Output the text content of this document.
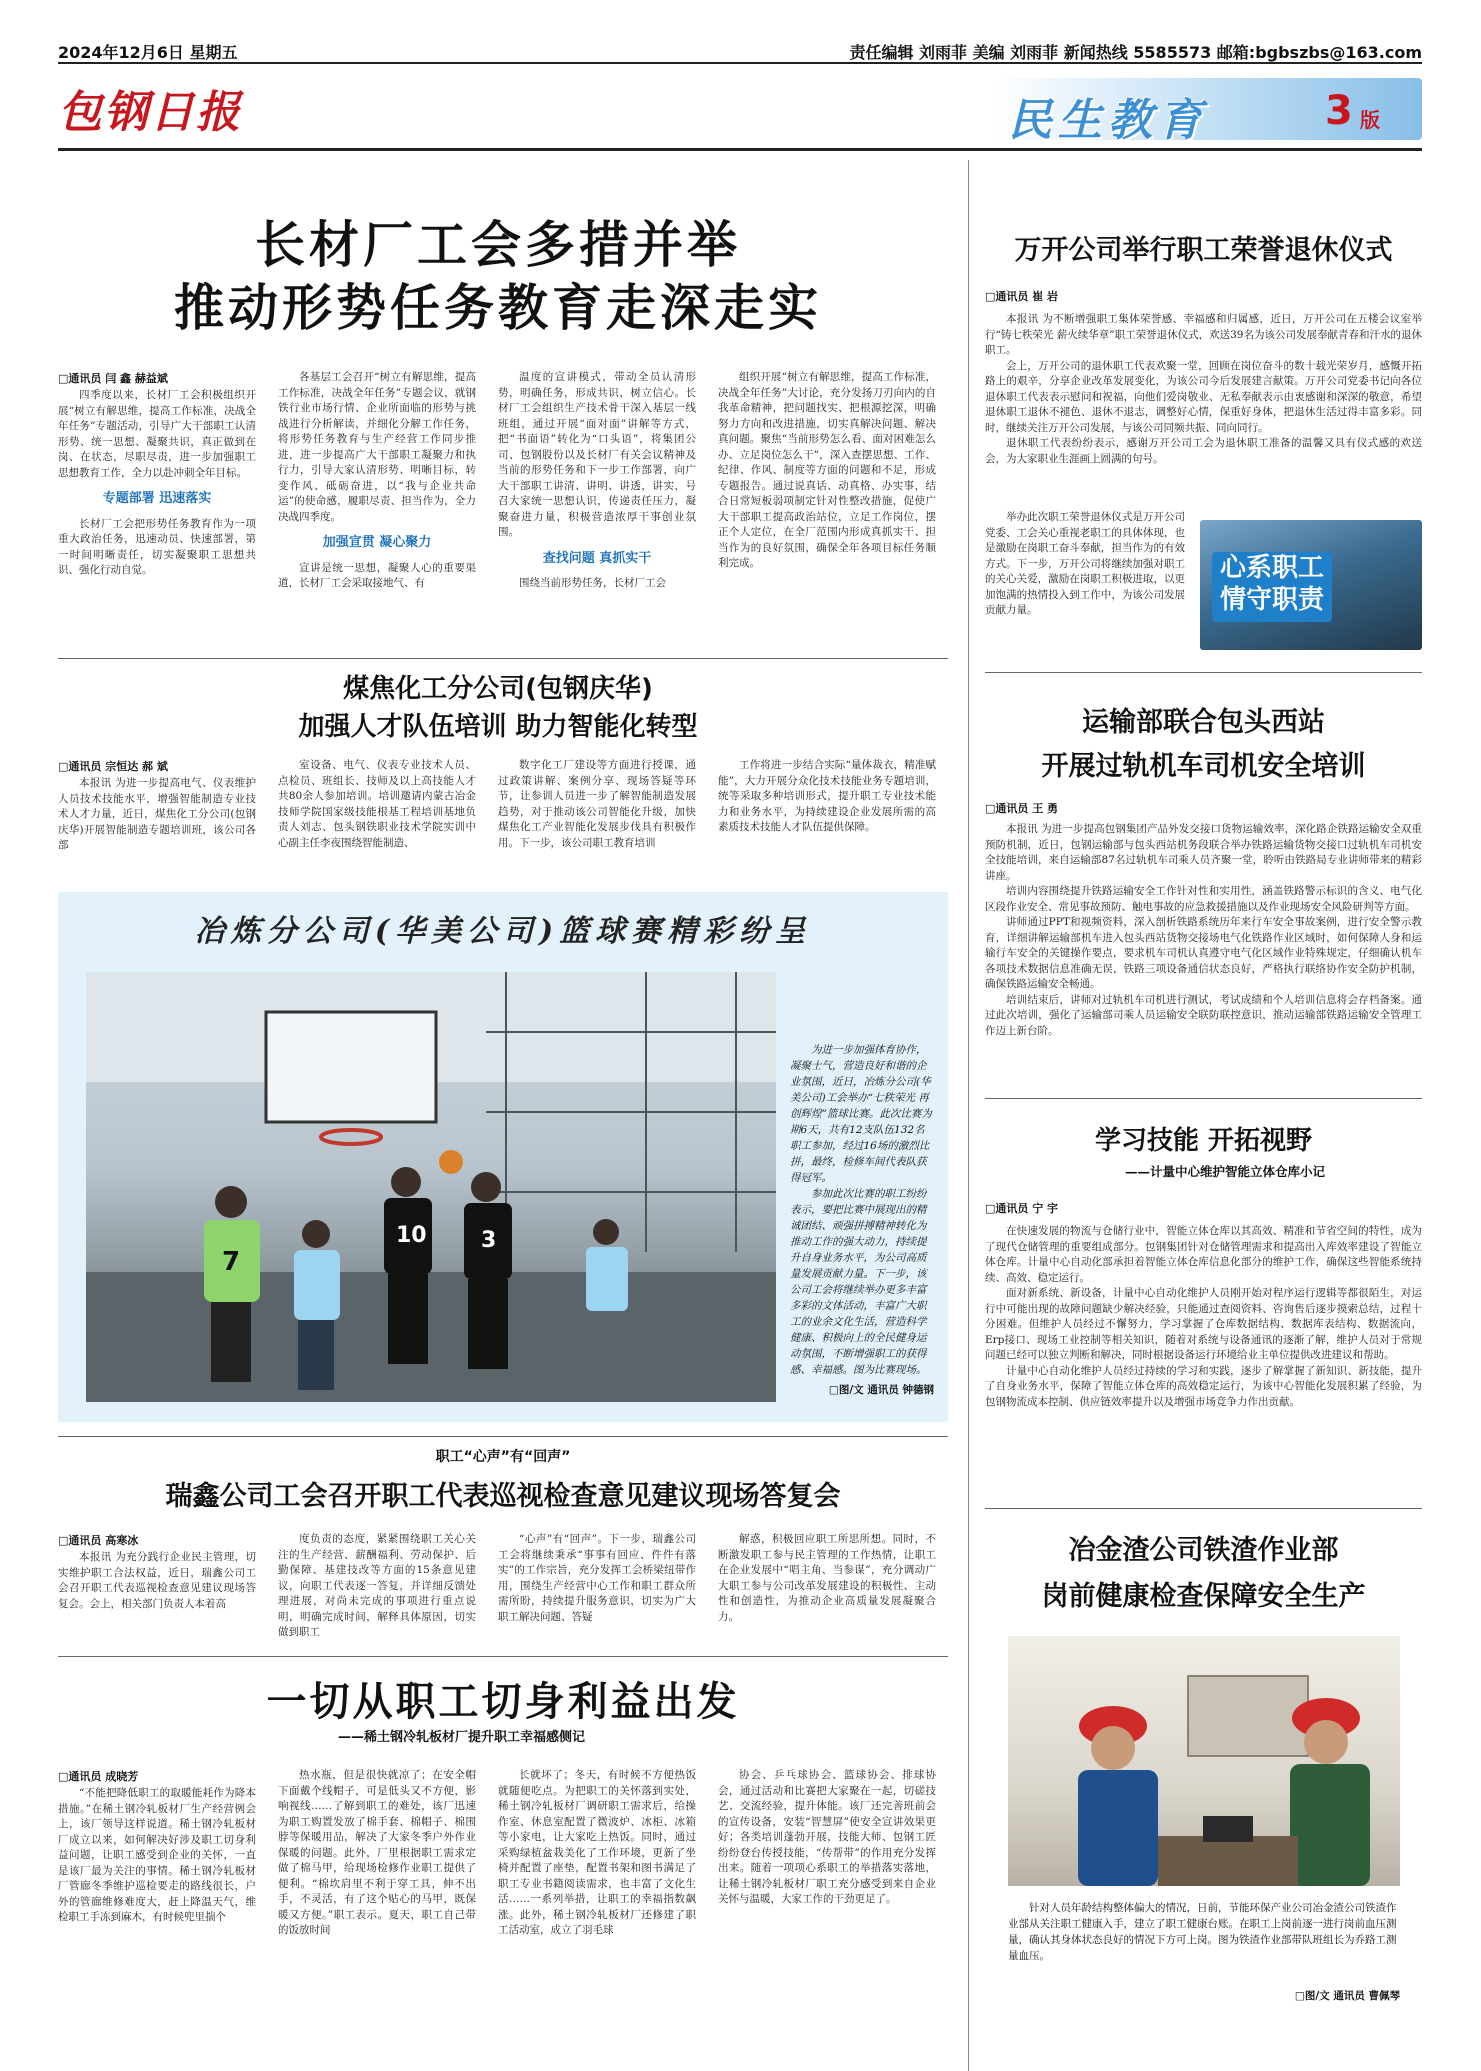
2024年12月6日 星期五	责任编辑 刘雨菲 美编 刘雨菲 新闻热线 5585573 邮箱:bgbszbs@163.com
包钢日报	民生教育	3 版
长材厂工会多措并举
推动形势任务教育走深走实
□通讯员 闫 鑫 赫益斌

四季度以来，长材厂工会积极组织开展“树立有解思维，提高工作标准，决战全年任务”专题活动，引导广大干部职工认清形势、统一思想、凝聚共识，真正做到在岗、在状态，尽职尽责，进一步加强职工思想教育工作，全力以赴冲刺全年目标。

专题部署 迅速落实

长材厂工会把形势任务教育作为一项重大政治任务，迅速动员、快速部署，第一时间明晰责任，切实凝聚职工思想共识、强化行动自觉。

各基层工会召开“树立有解思维，提高工作标准，决战全年任务”专题会议，就钢铁行业市场行情、企业所面临的形势与挑战进行分析解读，并细化分解工作任务，将形势任务教育与生产经营工作同步推进，进一步提高广大干部职工凝聚力和执行力，引导大家认清形势、明晰目标，转变作风、砥砺奋进，以“我与企业共命运”的使命感，履职尽责、担当作为，全力决战四季度。

加强宣贯 凝心聚力

宣讲是统一思想，凝聚人心的重要渠道，长材厂工会采取接地气、有

温度的宣讲模式，带动全员认清形势，明确任务，形成共识，树立信心。长材厂工会组织生产技术骨干深入基层一线班组，通过开展“面对面”讲解等方式，把“书面语”转化为“口头语”，将集团公司、包钢股份以及长材厂有关会议精神及当前的形势任务和下一步工作部署，向广大干部职工讲清、讲明、讲透，讲实，号召大家统一思想认识，传递责任压力，凝聚奋进力量，积极营造浓厚干事创业氛围。

查找问题 真抓实干

围绕当前形势任务，长材厂工会

组织开展“树立有解思维，提高工作标准，决战全年任务”大讨论，充分发扬刀刃向内的自我革命精神，把问题找实、把根源挖深，明确努力方向和改进措施，切实真解决问题、解决真问题。聚焦“当前形势怎么看、面对困难怎么办、立足岗位怎么干”，深入查摆思想、工作、纪律、作风、制度等方面的问题和不足，形成专题报告。通过说真话、动真格、办实事，结合日常短板弱项制定针对性整改措施，促使广大干部职工提高政治站位，立足工作岗位，摆正个人定位，在全厂范围内形成真抓实干、担当作为的良好氛围，确保全年各项目标任务顺利完成。

万开公司举行职工荣誉退休仪式
□通讯员 崔 岩

本报讯 为不断增强职工集体荣誉感、幸福感和归属感，近日，万开公司在五楼会议室举行“铸七秩荣光 薪火续华章”职工荣誉退休仪式，欢送39名为该公司发展奉献青春和汗水的退休职工。

会上，万开公司的退休职工代表欢聚一堂，回顾在岗位奋斗的数十载光荣岁月，感慨开拓路上的艰辛，分享企业改革发展变化，为该公司今后发展建言献策。万开公司党委书记向各位退休职工代表表示慰问和祝福，向他们爱岗敬业、无私奉献表示由衷感谢和深深的敬意，希望退休职工退休不褪色、退休不退志，调整好心情，保重好身体，把退休生活过得丰富多彩。同时，继续关注万开公司发展，与该公司同频共振、同向同行。

退休职工代表纷纷表示，感谢万开公司工会为退休职工准备的温馨又具有仪式感的欢送会，为大家职业生涯画上圆满的句号。

举办此次职工荣誉退休仪式是万开公司党委、工会关心重视老职工的具体体现，也是激励在岗职工奋斗奉献，担当作为的有效方式。下一步，万开公司将继续加强对职工的关心关爱，激励在岗职工积极进取，以更加饱满的热情投入到工作中，为该公司发展贡献力量。

心系职工
情守职责
煤焦化工分公司(包钢庆华)
加强人才队伍培训 助力智能化转型
□通讯员 宗恒达 郝 斌

本报讯 为进一步提高电气、仪表维护人员技术技能水平，增强智能制造专业技术人才力量，近日，煤焦化工分公司(包钢庆华)开展智能制造专题培训班，该公司各部

室设备、电气、仪表专业技术人员、点检员、班组长、技师及以上高技能人才共80余人参加培训。培训邀请内蒙古冶金技师学院国家级技能根基工程培训基地负责人刘志、包头钢铁职业技术学院实训中心副主任李夜围绕智能制造、

数字化工厂建设等方面进行授课，通过政策讲解、案例分享、现场答疑等环节，让参训人员进一步了解智能制造发展趋势，对于推动该公司智能化升级，加快煤焦化工产业智能化发展步伐具有积极作用。下一步，该公司职工教育培训

工作将进一步结合实际“量体裁衣，精准赋能”，大力开展分众化技术技能业务专题培训，统等采取多种培训形式，提升职工专业技术能力和业务水平，为持续建设企业发展所需的高素质技术技能人才队伍提供保障。

冶炼分公司(华美公司)篮球赛精彩纷呈
7
10 3

为进一步加强体育协作，凝聚士气，营造良好和谐的企业氛围，近日，冶炼分公司(华美公司)工会举办“七秩荣光 再创辉煌”篮球比赛。此次比赛为期6天，共有12支队伍132名职工参加，经过16场的激烈比拼，最终，检修车间代表队获得冠军。

参加此次比赛的职工纷纷表示，要把比赛中展现出的精诚团结、顽强拼搏精神转化为推动工作的强大动力，持续提升自身业务水平，为公司高质量发展贡献力量。下一步，该公司工会将继续举办更多丰富多彩的文体活动，丰富广大职工的业余文化生活，营造科学健康、积极向上的全民健身运动氛围，不断增强职工的获得感、幸福感。图为比赛现场。

□图/文 通讯员 钟德钢
运输部联合包头西站
开展过轨机车司机安全培训
□通讯员 王 勇

本报讯 为进一步提高包钢集团产品外发交接口货物运输效率，深化路企铁路运输安全双重预防机制，近日，包钢运输部与包头西站机务段联合举办铁路运输货物交接口过轨机车司机安全技能培训，来自运输部87名过轨机车司乘人员齐聚一堂，聆听由铁路局专业讲师带来的精彩讲座。

培训内容围绕提升铁路运输安全工作针对性和实用性，涵盖铁路警示标识的含义、电气化区段作业安全、常见事故预防、触电事故的应急救援措施以及作业现场安全风险研判等方面。

讲师通过PPT和视频资料，深入剖析铁路系统历年来行车安全事故案例，进行安全警示教育，详细讲解运输部机车进入包头西站货物交接场电气化铁路作业区域时，如何保障人身和运输行车安全的关键操作要点，要求机车司机认真遵守电气化区域作业特殊规定，仔细确认机车各项技术数据信息准确无误，铁路三项设备通信状态良好，严格执行联络协作安全防护机制，确保铁路运输安全畅通。

培训结束后，讲师对过轨机车司机进行测试，考试成绩和个人培训信息将会存档备案。通过此次培训，强化了运输部司乘人员运输安全联防联控意识，推动运输部铁路运输安全管理工作迈上新台阶。

学习技能 开拓视野
——计量中心维护智能立体仓库小记
□通讯员 宁 宇

在快速发展的物流与仓储行业中，智能立体仓库以其高效、精准和节省空间的特性，成为了现代仓储管理的重要组成部分。包钢集团针对仓储管理需求和提高出入库效率建设了智能立体仓库。计量中心自动化部承担着智能立体仓库信息化部分的维护工作，确保这些智能系统持续、高效、稳定运行。

面对新系统、新设备，计量中心自动化维护人员刚开始对程序运行逻辑等都很陌生，对运行中可能出现的故障问题缺少解决经验，只能通过查阅资料、咨询售后逐步摸索总结，过程十分困难。但维护人员经过不懈努力，学习掌握了仓库数据结构、数据库表结构、数据流向，Erp接口、现场工业控制等相关知识，随着对系统与设备通讯的逐渐了解，维护人员对于常规问题已经可以独立判断和解决，同时根据设备运行环境给业主单位提供改进建议和帮助。

计量中心自动化维护人员经过持续的学习和实践，逐步了解掌握了新知识、新技能，提升了自身业务水平，保障了智能立体仓库的高效稳定运行，为该中心智能化发展积累了经验，为包钢物流成本控制、供应链效率提升以及增强市场竞争力作出贡献。

职工“心声”有“回声”
瑞鑫公司工会召开职工代表巡视检查意见建议现场答复会
□通讯员 高寒冰

本报讯 为充分践行企业民主管理，切实维护职工合法权益，近日，瑞鑫公司工会召开职工代表巡视检查意见建议现场答复会。会上，相关部门负责人本着高

度负责的态度，紧紧围绕职工关心关注的生产经营、薪酬福利、劳动保护、后勤保障、基建技改等方面的15条意见建议，向职工代表逐一答复，并详细反馈处理进展，对尚未完成的事项进行重点说明，明确完成时间，解释具体原因，切实做到职工

“心声”有“回声”。下一步，瑞鑫公司工会将继续秉承“事事有回应、件件有落实”的工作宗旨，充分发挥工会桥梁纽带作用，围绕生产经营中心工作和职工群众所需所盼，持续提升服务意识，切实为广大职工解决问题、答疑

解惑，积极回应职工所思所想。同时，不断激发职工参与民主管理的工作热情，让职工在企业发展中“唱主角、当参谋”，充分调动广大职工参与公司改革发展建设的积极性、主动性和创造性，为推动企业高质量发展凝聚合力。

一切从职工切身利益出发
——稀土钢冷轧板材厂提升职工幸福感侧记
□通讯员 成晓芳

“不能把降低职工的取暖能耗作为降本措施。”在稀土钢冷轧板材厂生产经营例会上，该厂领导这样说道。稀土钢冷轧板材厂成立以来，如何解决好涉及职工切身利益问题，让职工感受到企业的关怀，一直是该厂最为关注的事情。稀土钢冷轧板材厂管廊冬季维护巡检要走的路线很长，户外的管廊维修难度大，赶上降温天气，维检职工手冻到麻木，有时候兜里揣个

热水瓶，但是很快就凉了；在安全帽下面戴个线帽子，可是低头又不方便，影响视线……了解到职工的难处，该厂迅速为职工购置发放了棉手套、棉帽子、棉围脖等保暖用品，解决了大家冬季户外作业保暖的问题。此外，厂里根据职工需求定做了棉马甲，给现场检修作业职工提供了便利。“棉坎肩里不利于穿工具，伸不出手，不灵活，有了这个贴心的马甲，既保暖又方便。”职工表示。夏天，职工自己带的饭放时间

长就坏了；冬天，有时候不方便热饭就随便吃点。为把职工的关怀落到实处，稀土钢冷轧板材厂调研职工需求后，给操作室、休息室配置了微波炉、冰柜、冰箱等小家电，让大家吃上热饭。同时，通过采购绿植盆栽美化了工作环境，更新了坐椅并配置了座垫，配置书架和图书满足了职工专业书籍阅读需求，也丰富了文化生活……一系列举措，让职工的幸福指数飙涨。此外，稀土钢冷轧板材厂还修建了职工活动室，成立了羽毛球

协会、乒乓球协会、篮球协会、排球协会，通过活动和比赛把大家聚在一起，切磋技艺、交流经验，提升体能。该厂还完善班前会的宣传设备，安装“智慧屏”使安全宣讲效果更好；各类培训蓬勃开展，技能大师、包钢工匠纷纷登台传授技能，“传帮带”的作用充分发挥出来。随着一项项心系职工的举措落实落地，让稀土钢冷轧板材厂职工充分感受到来自企业关怀与温暖，大家工作的干劲更足了。

冶金渣公司铁渣作业部
岗前健康检查保障安全生产

针对人员年龄结构整体偏大的情况，日前，节能环保产业公司冶金渣公司铁渣作业部从关注职工健康入手，建立了职工健康台账。在职工上岗前逐一进行岗前血压测量，确认其身体状态良好的情况下方可上岗。图为铁渣作业部带队班组长为乔路工测量血压。

□图/文 通讯员 曹佩琴
